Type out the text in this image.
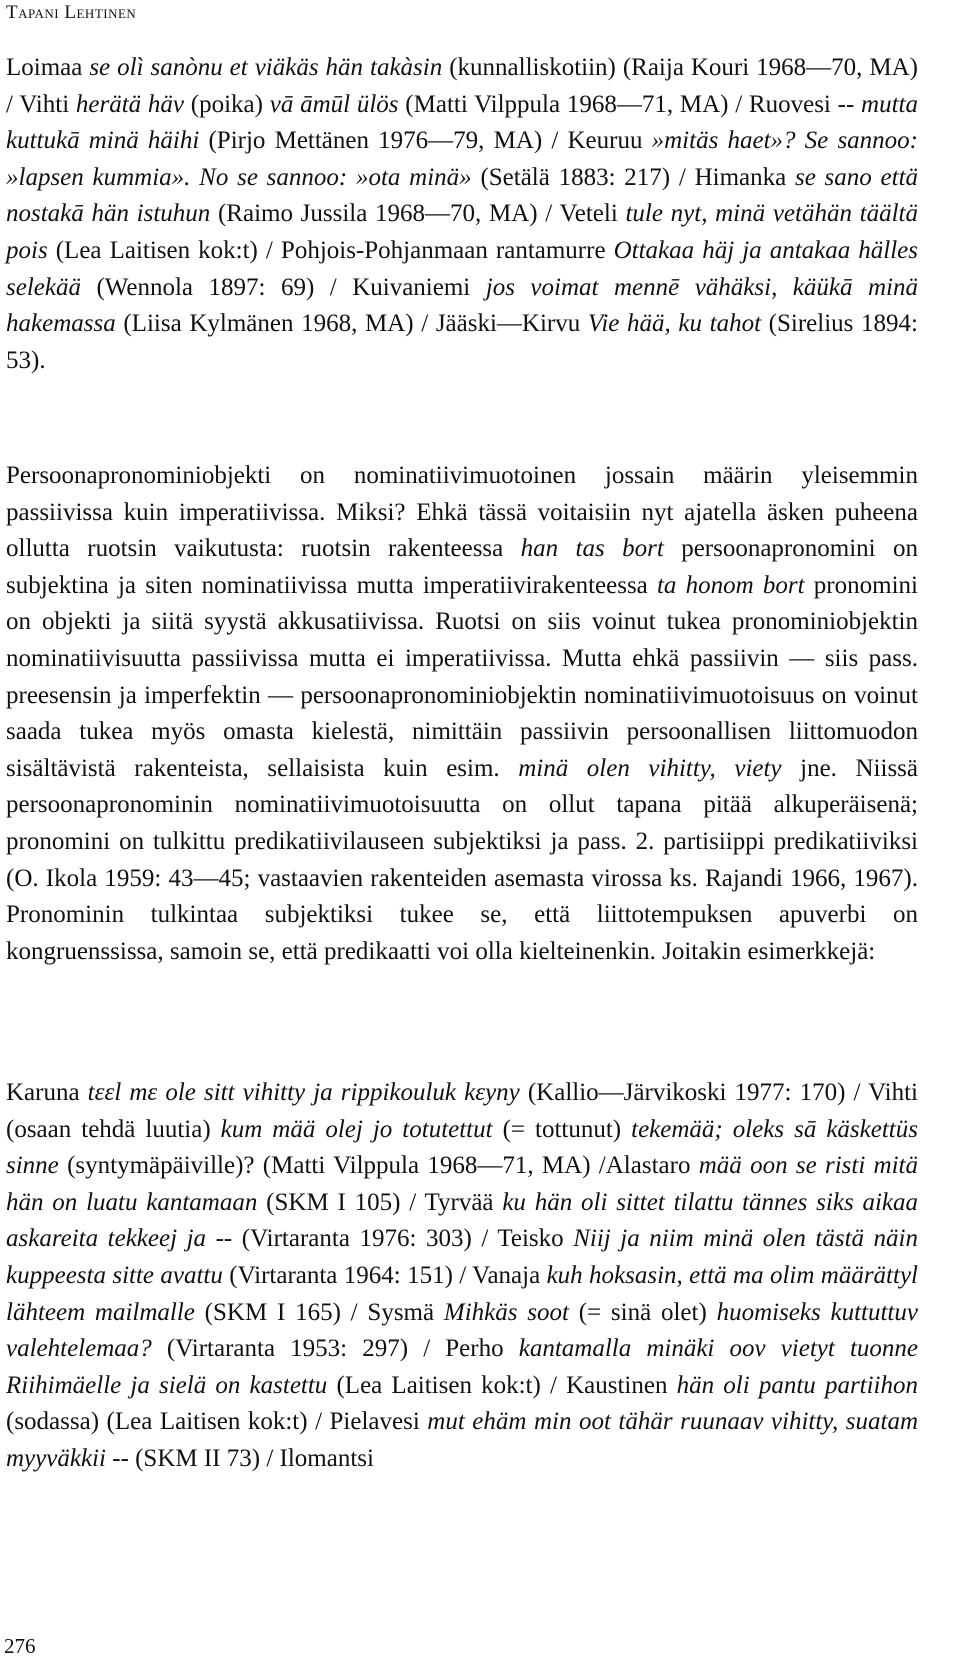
Tapani Lehtinen

Loimaa se olì sanònu et viäkäs hän takàsin (kunnalliskotiin) (Raija Kouri 1968—70, MA) / Vihti herätä häv (poika) vā āmūl ülös (Matti Vilppula 1968—71, MA) / Ruovesi -- mutta kuttukā minä häihi (Pirjo Mettänen 1976—79, MA) / Keuruu »mitäs haet»? Se sannoo: »lapsen kummia». No se sannoo: »ota minä» (Setälä 1883: 217) / Himanka se sano että nostakā hän istuhun (Raimo Jussila 1968—70, MA) / Veteli tule nyt, minä vetähän täältä pois (Lea Laitisen kok:t) / Pohjois-Pohjanmaan rantamurre Ottakaa häj ja antakaa hälles selekää (Wennola 1897: 69) / Kuivaniemi jos voimat mennē vähäksi, käükā minä hakemassa (Liisa Kylmänen 1968, MA) / Jääski—Kirvu Vie hää, ku tahot (Sirelius 1894: 53).

Persoonapronominiobjekti on nominatiivimuotoinen jossain määrin yleisemmin passiivissa kuin imperatiivissa. Miksi? Ehkä tässä voitaisiin nyt ajatella äsken puheena ollutta ruotsin vaikutusta: ruotsin rakenteessa han tas bort persoonapronomini on subjektina ja siten nominatiivissa mutta imperatiivirakenteessa ta honom bort pronomini on objekti ja siitä syystä akkusatiivissa. Ruotsi on siis voinut tukea pronominiobjektin nominatiivisuutta passiivissa mutta ei imperatiivissa. Mutta ehkä passiivin — siis pass. preesensin ja imperfektin — persoonapronominiobjektin nominatiivimuotoisuus on voinut saada tukea myös omasta kielestä, nimittäin passiivin persoonallisen liittomuodon sisältävistä rakenteista, sellaisista kuin esim. minä olen vihitty, viety jne. Niissä persoonapronominin nominatiivimuotoisuutta on ollut tapana pitää alkuperäisenä; pronomini on tulkittu predikatiivilauseen subjektiksi ja pass. 2. partisiippi predikatiiviksi (O. Ikola 1959: 43—45; vastaavien rakenteiden asemasta virossa ks. Rajandi 1966, 1967). Pronominin tulkintaa subjektiksi tukee se, että liittotempuksen apuverbi on kongruenssissa, samoin se, että predikaatti voi olla kielteinenkin. Joitakin esimerkkejä:

Karuna tεεl mε ole sitt vihitty ja rippikouluk kεyny (Kallio—Järvikoski 1977: 170) / Vihti (osaan tehdä luutia) kum mää olej jo totutettut (= tottunut) tekemää; oleks sā käskettüs sinne (syntymäpäiville)? (Matti Vilppula 1968—71, MA) /Alastaro mää oon se risti mitä hän on luatu kantamaan (SKM I 105) / Tyrvää ku hän oli sittet tilattu tännes siks aikaa askareita tekkeej ja -- (Virtaranta 1976: 303) / Teisko Niij ja niim minä olen tästä näin kuppeesta sitte avattu (Virtaranta 1964: 151) / Vanaja kuh hoksasin, että ma olim määrättyl lähteem mailmalle (SKM I 165) / Sysmä Mihkäs soot (= sinä olet) huomiseks kuttuttuv valehtelemaa? (Virtaranta 1953: 297) / Perho kantamalla minäki oov vietyt tuonne Riihimäelle ja sielä on kastettu (Lea Laitisen kok:t) / Kaustinen hän oli pantu partiihon (sodassa) (Lea Laitisen kok:t) / Pielavesi mut ehäm min oot tähär ruunaav vihitty, suatam myyväkkii -- (SKM II 73) / Ilomantsi

276
